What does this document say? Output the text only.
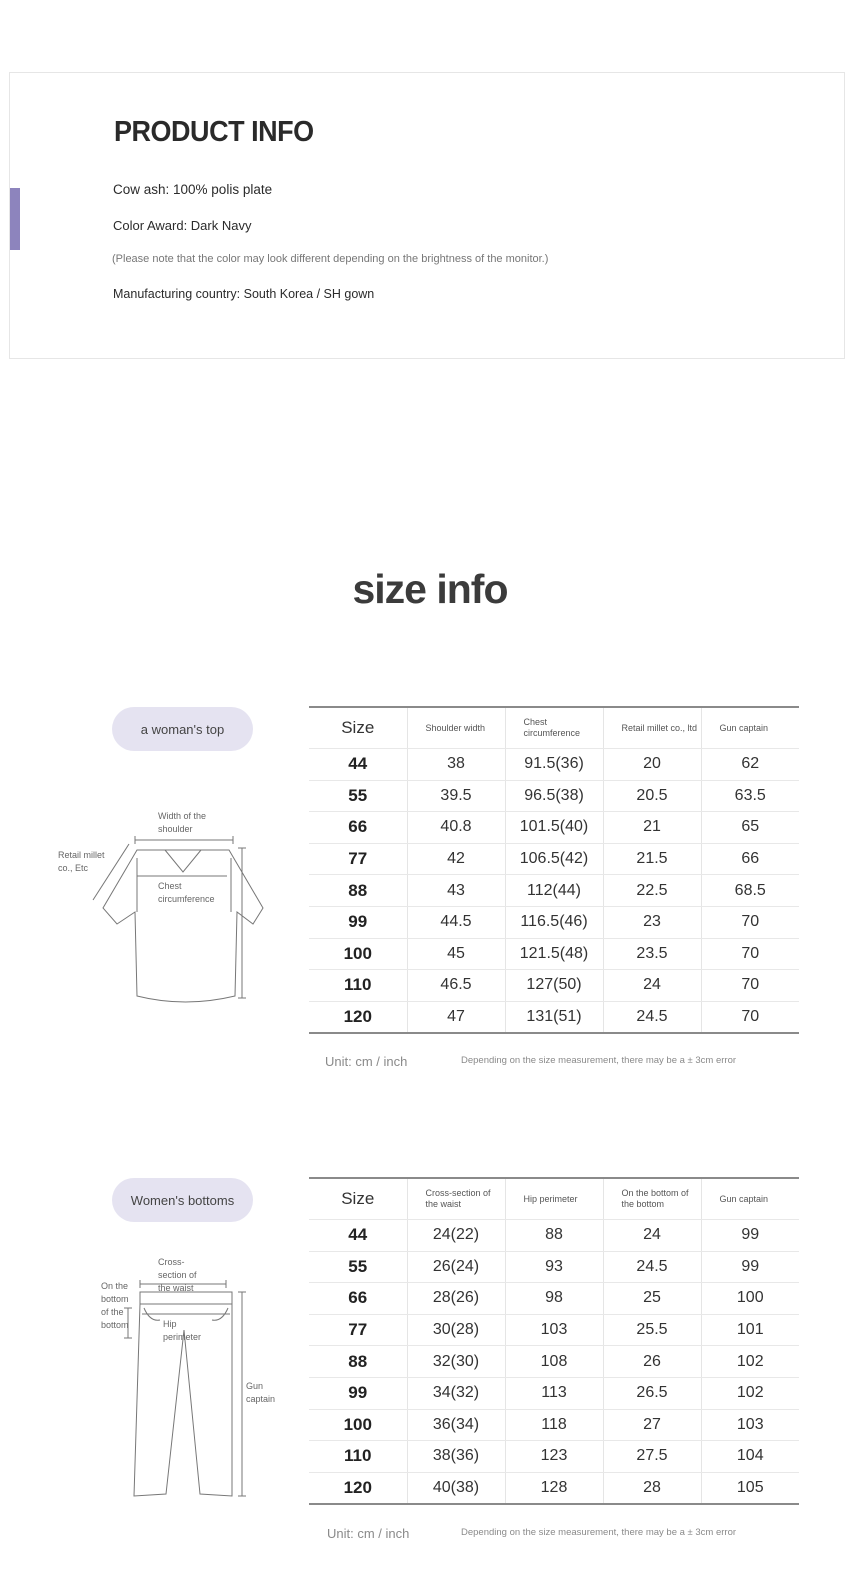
PRODUCT INFO
Cow ash: 100% polis plate
Color Award: Dark Navy
(Please note that the color may look different depending on the brightness of the monitor.)
Manufacturing country: South Korea / SH gown
size info
a woman's top
Width of the shoulder
Retail millet co., Etc
Chest circumference
Size	Shoulder width	Chest circumference	Retail millet co., ltd	Gun captain
44	38	91.5(36)	20	62
55	39.5	96.5(38)	20.5	63.5
66	40.8	101.5(40)	21	65
77	42	106.5(42)	21.5	66
88	43	112(44)	22.5	68.5
99	44.5	116.5(46)	23	70
100	45	121.5(48)	23.5	70
110	46.5	127(50)	24	70
120	47	131(51)	24.5	70
Unit: cm / inch	Depending on the size measurement, there may be a ± 3cm error
Women's bottoms
Cross-section of the waist
On the bottom of the bottom	Hip perimeter
Gun captain
Size	Cross-section of the waist	Hip perimeter	On the bottom of the bottom	Gun captain
44	24(22)	88	24	99
55	26(24)	93	24.5	99
66	28(26)	98	25	100
77	30(28)	103	25.5	101
88	32(30)	108	26	102
99	34(32)	113	26.5	102
100	36(34)	118	27	103
110	38(36)	123	27.5	104
120	40(38)	128	28	105
Unit: cm / inch	Depending on the size measurement, there may be a ± 3cm error
